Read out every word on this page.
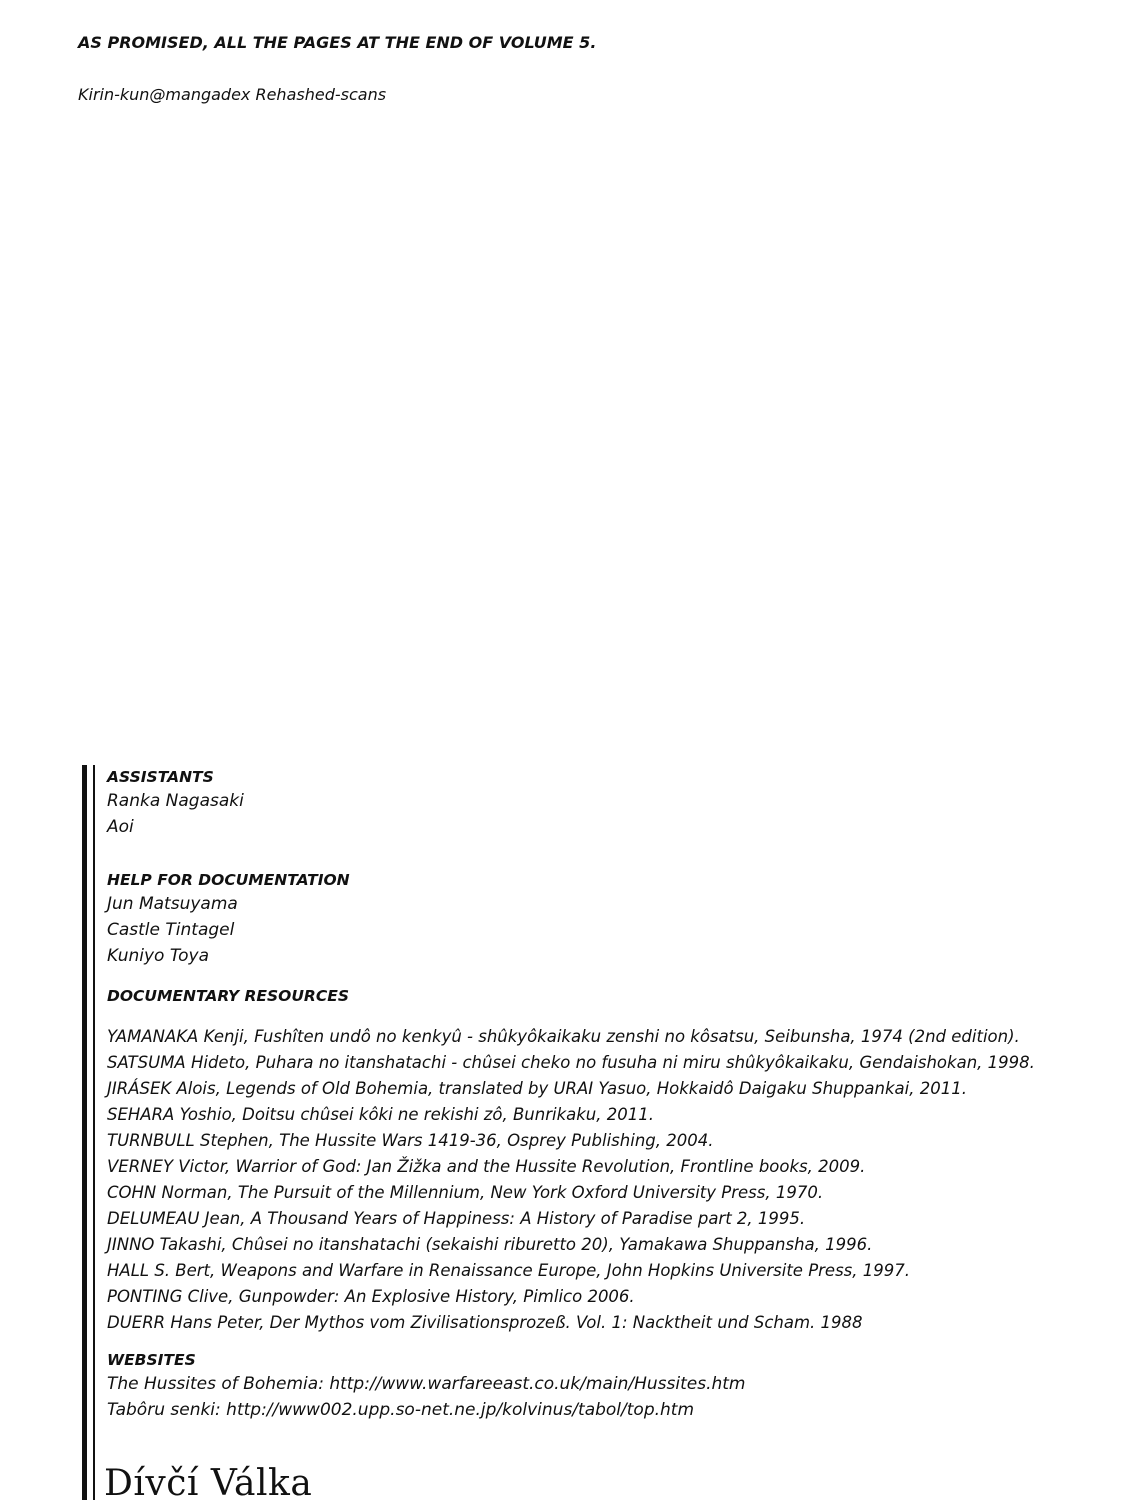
AS PROMISED, ALL THE PAGES AT THE END OF VOLUME 5.
Kirin-kun@mangadex Rehashed-scans
ASSISTANTS
Ranka Nagasaki
Aoi
HELP FOR DOCUMENTATION
Jun Matsuyama
Castle Tintagel
Kuniyo Toya
DOCUMENTARY RESOURCES
YAMANAKA Kenji, Fushîten undô no kenkyû - shûkyôkaikaku zenshi no kôsatsu, Seibunsha, 1974 (2nd edition).
SATSUMA Hideto, Puhara no itanshatachi - chûsei cheko no fusuha ni miru shûkyôkaikaku, Gendaishokan, 1998.
JIRÁSEK Alois, Legends of Old Bohemia, translated by URAI Yasuo, Hokkaidô Daigaku Shuppankai, 2011.
SEHARA Yoshio, Doitsu chûsei kôki ne rekishi zô, Bunrikaku, 2011.
TURNBULL Stephen, The Hussite Wars 1419-36, Osprey Publishing, 2004.
VERNEY Victor, Warrior of God: Jan Žižka and the Hussite Revolution, Frontline books, 2009.
COHN Norman, The Pursuit of the Millennium, New York Oxford University Press, 1970.
DELUMEAU Jean, A Thousand Years of Happiness: A History of Paradise part 2, 1995.
JINNO Takashi, Chûsei no itanshatachi (sekaishi riburetto 20), Yamakawa Shuppansha, 1996.
HALL S. Bert, Weapons and Warfare in Renaissance Europe, John Hopkins Universite Press, 1997.
PONTING Clive, Gunpowder: An Explosive History, Pimlico 2006.
DUERR Hans Peter, Der Mythos vom Zivilisationsprozeß. Vol. 1: Nacktheit und Scham. 1988
WEBSITES
The Hussites of Bohemia: http://www.warfareeast.co.uk/main/Hussites.htm
Tabôru senki: http://www002.upp.so-net.ne.jp/kolvinus/tabol/top.htm
Dívčí Válka
